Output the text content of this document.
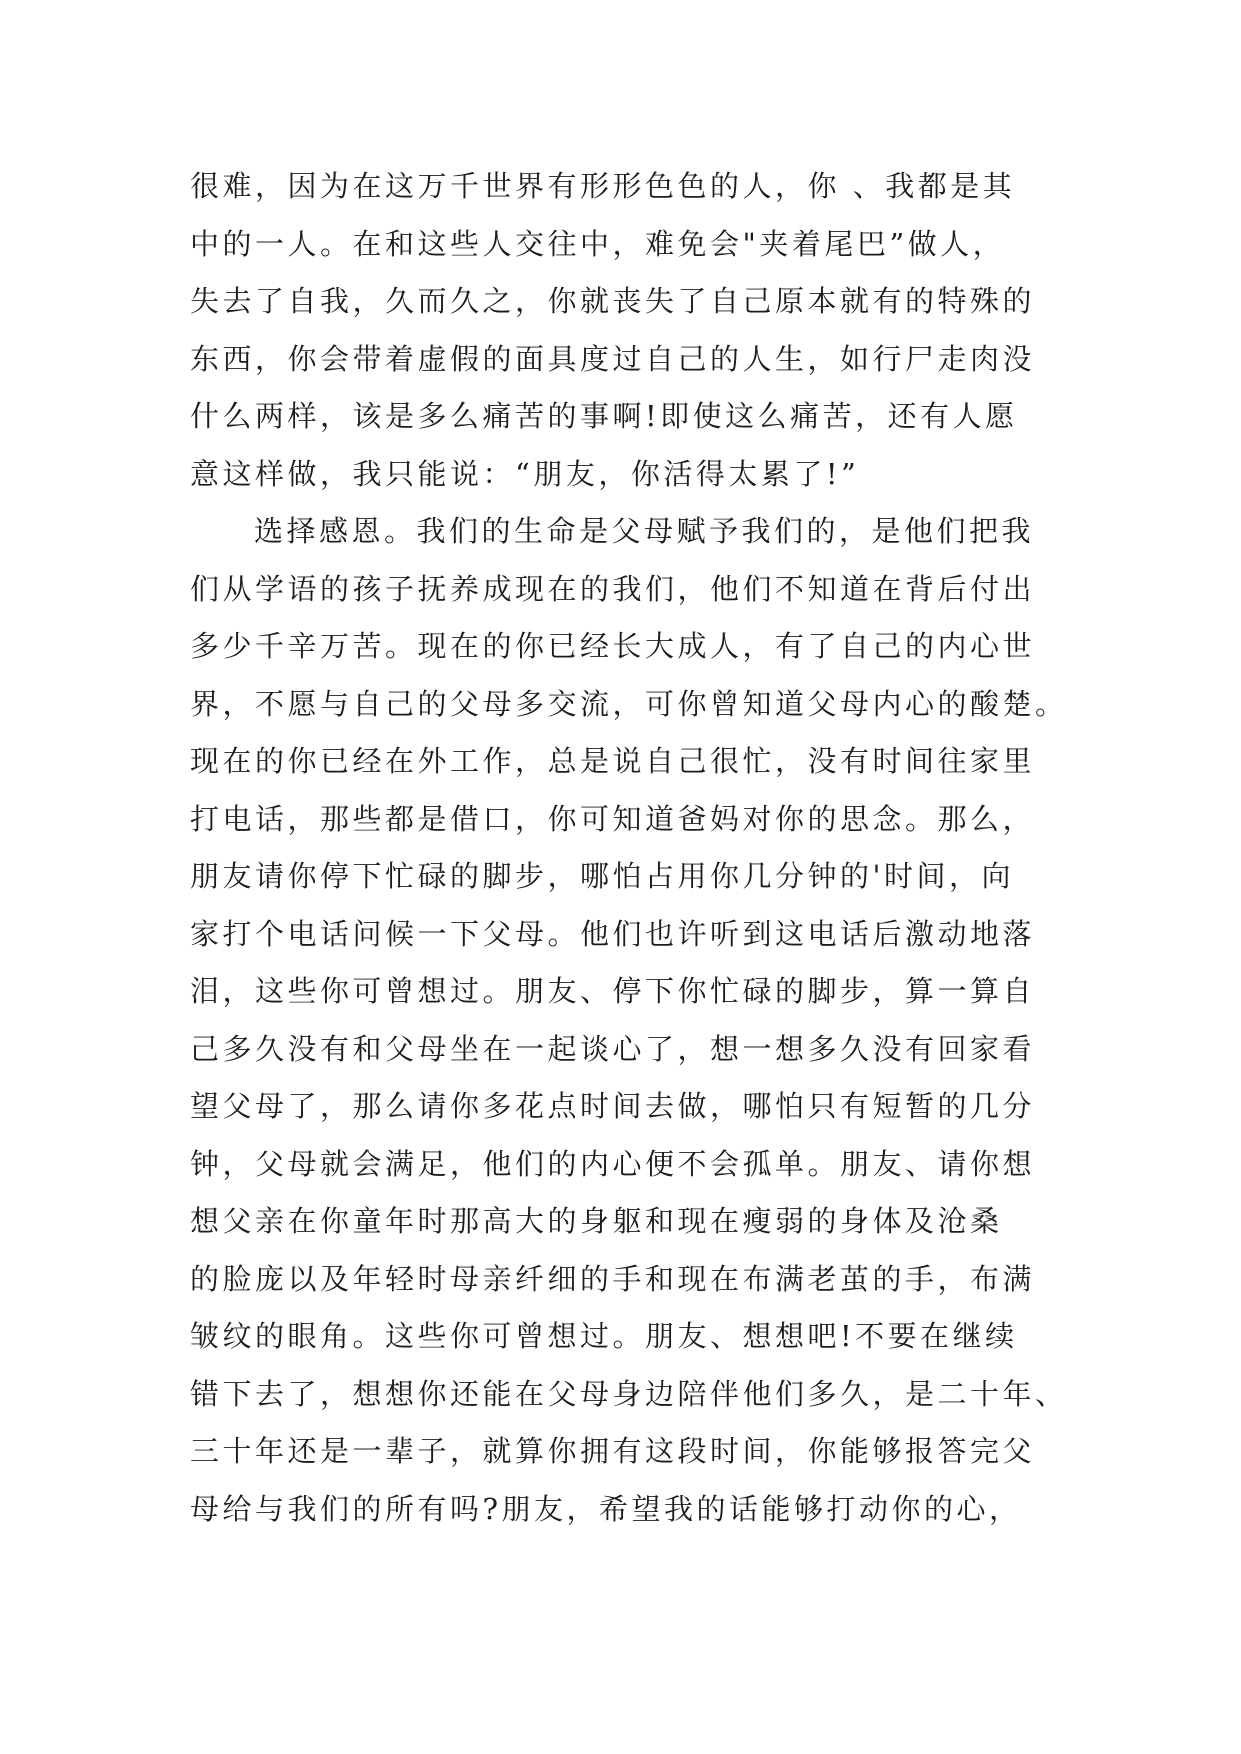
很难，因为在这万千世界有形形色色的人，你 、我都是其
中的一人。在和这些人交往中，难免会"夹着尾巴”做人，
失去了自我，久而久之，你就丧失了自己原本就有的特殊的
东西，你会带着虚假的面具度过自己的人生，如行尸走肉没
什么两样，该是多么痛苦的事啊!即使这么痛苦，还有人愿
意这样做，我只能说：“朋友，你活得太累了!”
选择感恩。我们的生命是父母赋予我们的，是他们把我
们从学语的孩子抚养成现在的我们，他们不知道在背后付出
多少千辛万苦。现在的你已经长大成人，有了自己的内心世
界，不愿与自己的父母多交流，可你曾知道父母内心的酸楚。
现在的你已经在外工作，总是说自己很忙，没有时间往家里
打电话，那些都是借口，你可知道爸妈对你的思念。那么，
朋友请你停下忙碌的脚步，哪怕占用你几分钟的'时间，向
家打个电话问候一下父母。他们也许听到这电话后激动地落
泪，这些你可曾想过。朋友、停下你忙碌的脚步，算一算自
己多久没有和父母坐在一起谈心了，想一想多久没有回家看
望父母了，那么请你多花点时间去做，哪怕只有短暂的几分
钟，父母就会满足，他们的内心便不会孤单。朋友、请你想
想父亲在你童年时那高大的身躯和现在瘦弱的身体及沧桑
的脸庞以及年轻时母亲纤细的手和现在布满老茧的手，布满
皱纹的眼角。这些你可曾想过。朋友、想想吧!不要在继续
错下去了，想想你还能在父母身边陪伴他们多久，是二十年、
三十年还是一辈子，就算你拥有这段时间，你能够报答完父
母给与我们的所有吗?朋友，希望我的话能够打动你的心，
